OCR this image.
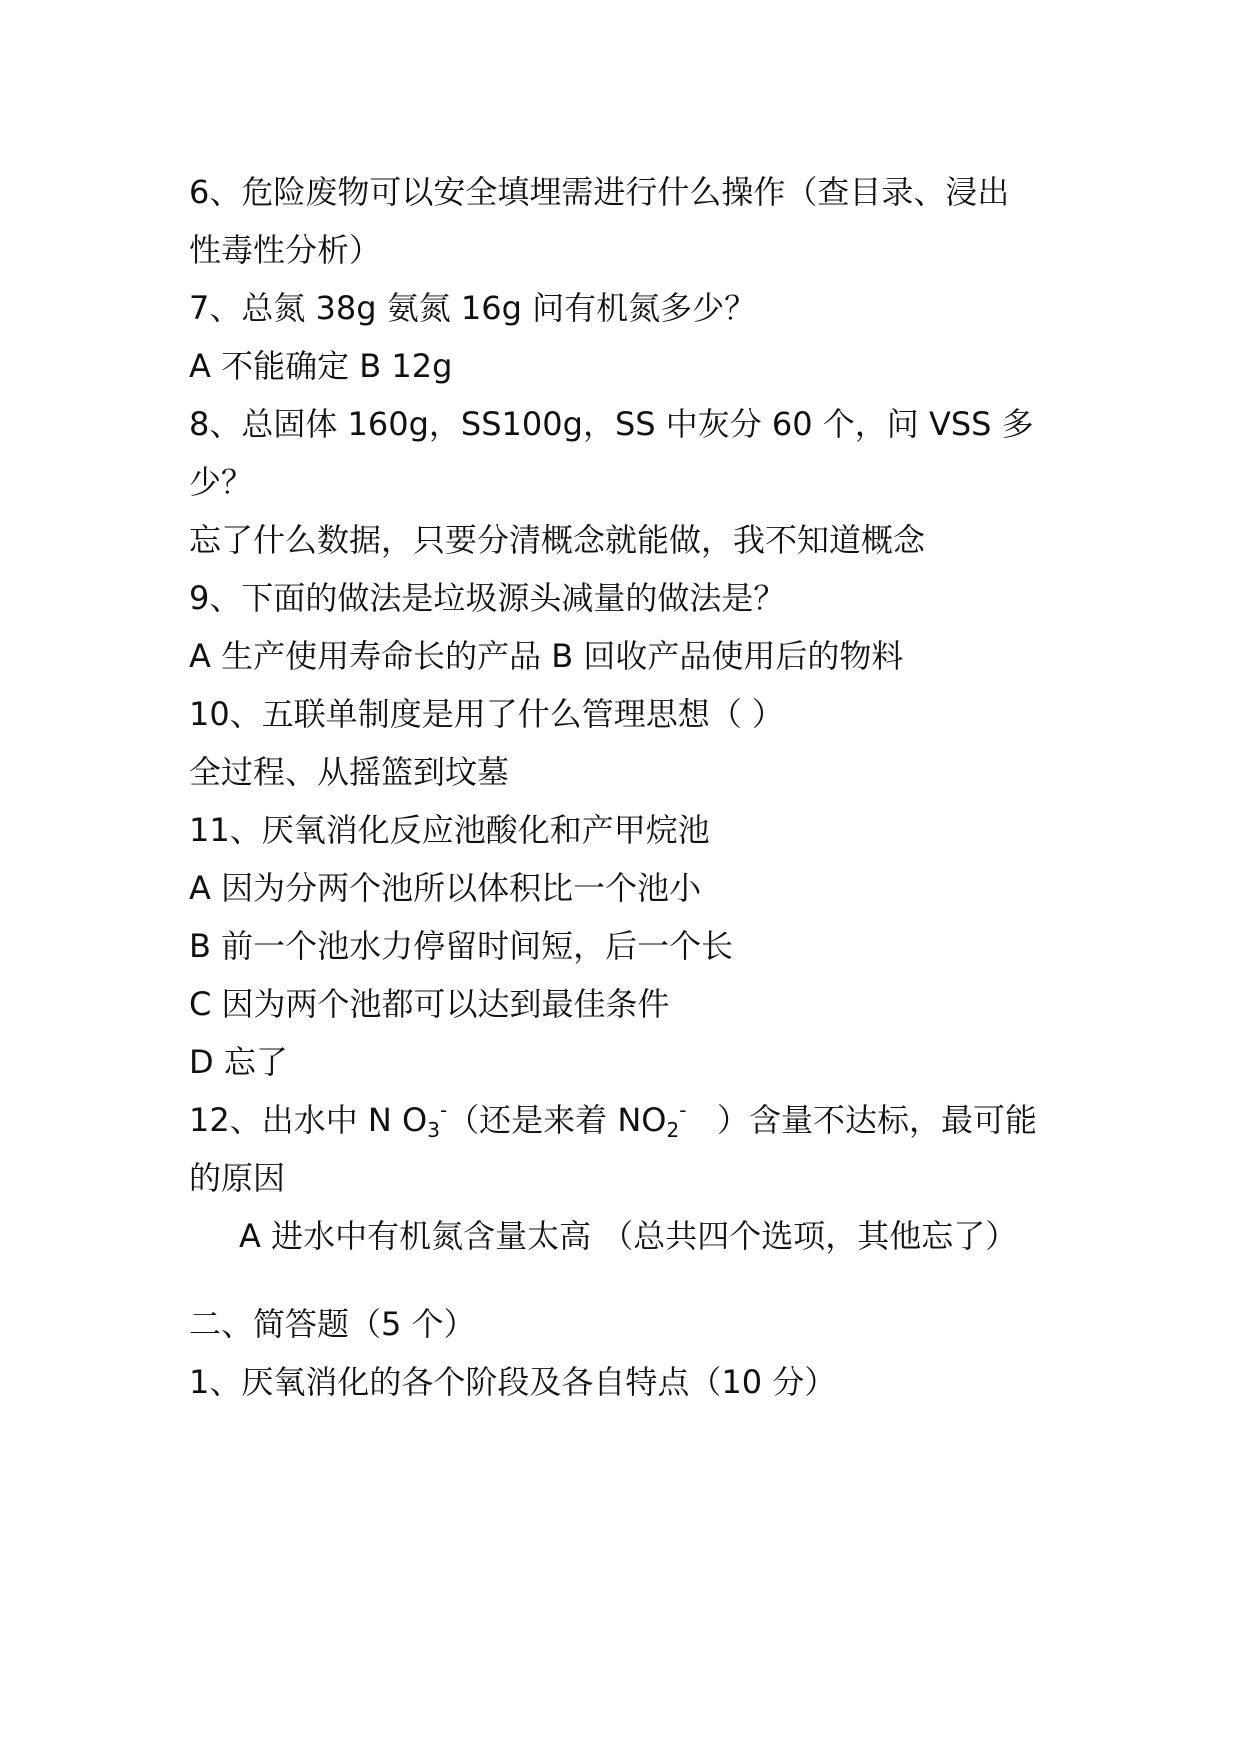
6、危险废物可以安全填埋需进行什么操作（查目录、浸出
性毒性分析）
7、总氮 38g 氨氮 16g 问有机氮多少？
A 不能确定 B 12g
8、总固体 160g，SS100g，SS 中灰分 60 个，问 VSS 多
少？
忘了什么数据，只要分清概念就能做，我不知道概念
9、下面的做法是垃圾源头减量的做法是？
A 生产使用寿命长的产品 B 回收产品使用后的物料
10、五联单制度是用了什么管理思想（ ）
全过程、从摇篮到坟墓
11、厌氧消化反应池酸化和产甲烷池
A 因为分两个池所以体积比一个池小
B 前一个池水力停留时间短，后一个长
C 因为两个池都可以达到最佳条件
D 忘了
12、出水中 N $O_3^-$（还是来着 $NO_2^-$   ）含量不达标，最可能
的原因
A 进水中有机氮含量太高 （总共四个选项，其他忘了）
二、简答题（5 个）
1、厌氧消化的各个阶段及各自特点（10 分）
